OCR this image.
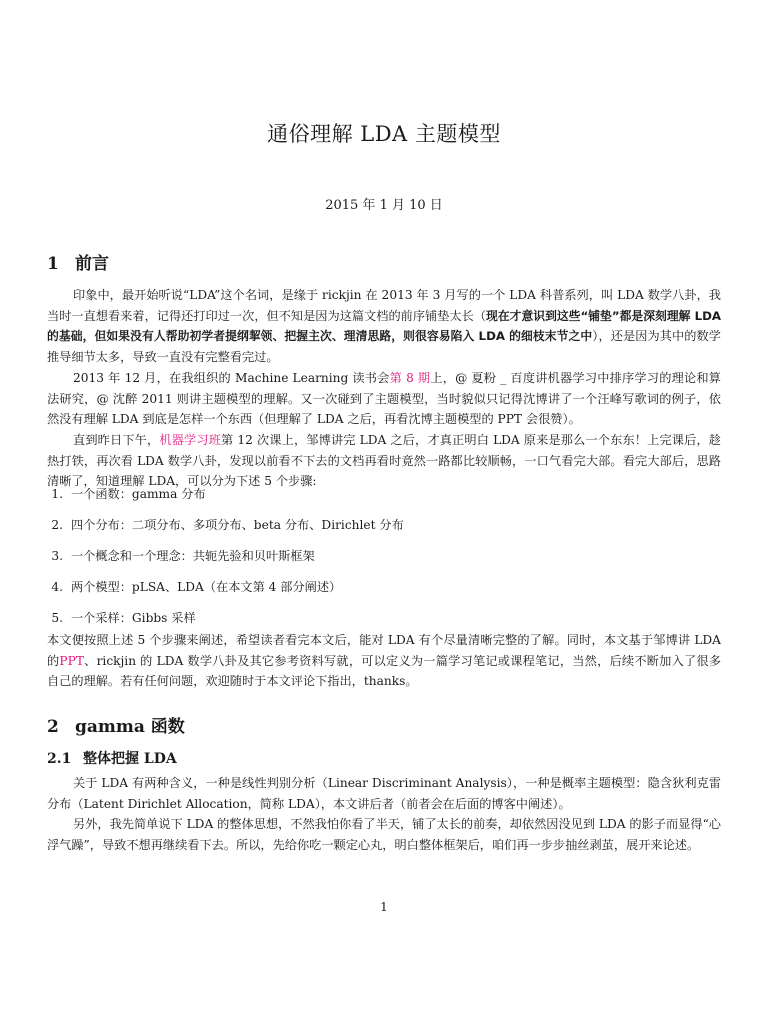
通俗理解 LDA 主题模型
2015 年 1 月 10 日
1 前言
印象中，最开始听说“LDA”这个名词，是缘于 rickjin 在 2013 年 3 月写的一个 LDA 科普系列，叫 LDA 数学八卦，我当时一直想看来着，记得还打印过一次，但不知是因为这篇文档的前序铺垫太长（现在才意识到这些“铺垫”都是深刻理解 LDA 的基础，但如果没有人帮助初学者提纲挈领、把握主次、理清思路，则很容易陷入 LDA 的细枝末节之中），还是因为其中的数学推导细节太多，导致一直没有完整看完过。
2013 年 12 月，在我组织的 Machine Learning 读书会第 8 期上，@ 夏粉 _ 百度讲机器学习中排序学习的理论和算法研究，@ 沈醉 2011 则讲主题模型的理解。又一次碰到了主题模型，当时貌似只记得沈博讲了一个汪峰写歌词的例子，依然没有理解 LDA 到底是怎样一个东西（但理解了 LDA 之后，再看沈博主题模型的 PPT 会很赞）。
直到昨日下午，机器学习班第 12 次课上，邹博讲完 LDA 之后，才真正明白 LDA 原来是那么一个东东！上完课后，趁热打铁，再次看 LDA 数学八卦，发现以前看不下去的文档再看时竟然一路都比较顺畅，一口气看完大部。看完大部后，思路清晰了，知道理解 LDA，可以分为下述 5 个步骤:
1. 一个函数：gamma 分布
2. 四个分布：二项分布、多项分布、beta 分布、Dirichlet 分布
3. 一个概念和一个理念：共轭先验和贝叶斯框架
4. 两个模型：pLSA、LDA（在本文第 4 部分阐述）
5. 一个采样：Gibbs 采样
本文便按照上述 5 个步骤来阐述，希望读者看完本文后，能对 LDA 有个尽量清晰完整的了解。同时，本文基于邹博讲 LDA 的PPT、rickjin 的 LDA 数学八卦及其它参考资料写就，可以定义为一篇学习笔记或课程笔记，当然，后续不断加入了很多自己的理解。若有任何问题，欢迎随时于本文评论下指出，thanks。
2 gamma 函数
2.1 整体把握 LDA
关于 LDA 有两种含义，一种是线性判别分析（Linear Discriminant Analysis），一种是概率主题模型：隐含狄利克雷分布（Latent Dirichlet Allocation，简称 LDA），本文讲后者（前者会在后面的博客中阐述）。
另外，我先简单说下 LDA 的整体思想，不然我怕你看了半天，铺了太长的前奏，却依然因没见到 LDA 的影子而显得“心浮气躁”，导致不想再继续看下去。所以，先给你吃一颗定心丸，明白整体框架后，咱们再一步步抽丝剥茧，展开来论述。
1
